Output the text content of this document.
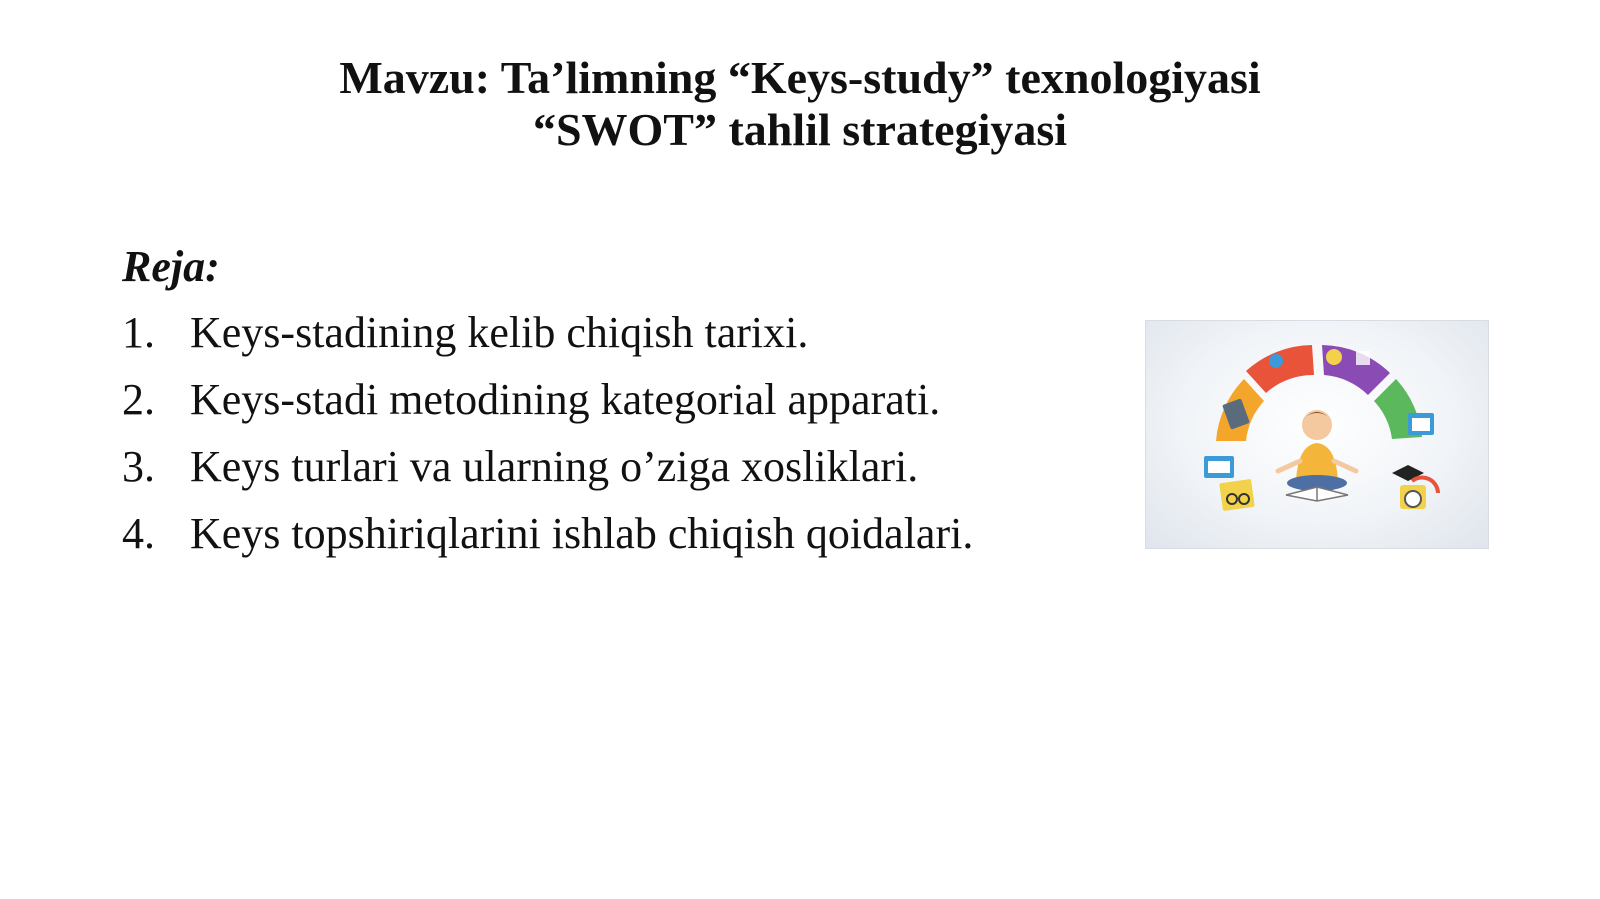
Mavzu: Ta’limning “Keys-study” texnologiyasi
“SWOT” tahlil strategiyasi
Reja:
1. Keys-stadining kelib chiqish tarixi.
2. Keys-stadi metodining kategorial apparati.
3. Keys turlari va ularning o’ziga xosliklari.
4. Keys topshiriqlarini ishlab chiqish qoidalari.
